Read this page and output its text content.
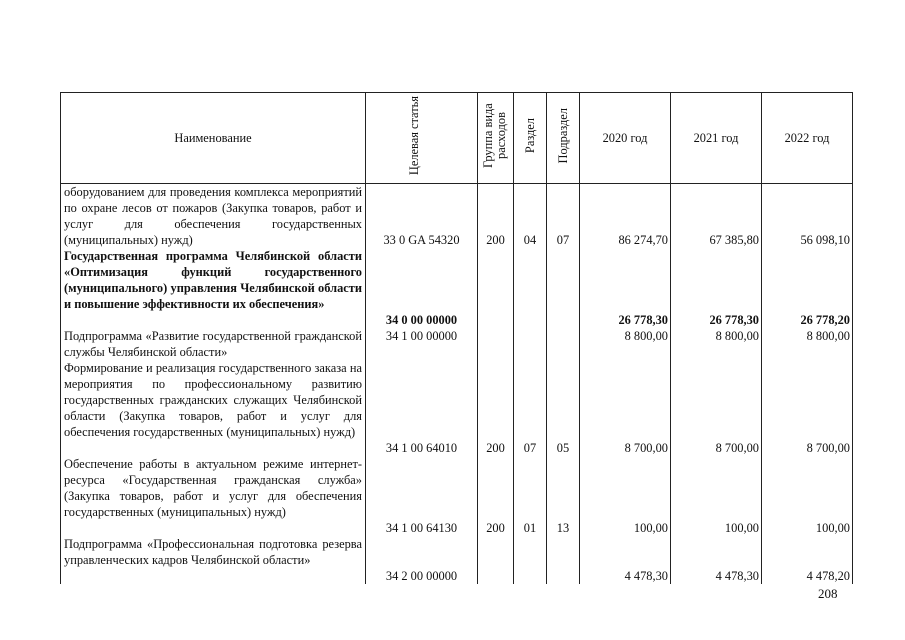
Наименование	Целевая статья	Группа вида расходов	Раздел	Подраздел	2020 год	2021 год	2022 год
оборудованием для проведения комплекса мероприятий по охране лесов от пожаров (Закупка товаров, работ и услуг для обеспечения государственных (муниципальных) нужд)	33 0 GA 54320	200	04	07	86 274,70	67 385,80	56 098,10
Государственная программа Челябинской области «Оптимизация функций государственного (муниципального) управления Челябинской области и повышение эффективности их обеспечения»	34 0 00 00000				26 778,30	26 778,30	26 778,20
Подпрограмма «Развитие государственной гражданской службы Челябинской области»	34 1 00 00000				8 800,00	8 800,00	8 800,00
Формирование и реализация государственного заказа на мероприятия по профессиональному развитию государственных гражданских служащих Челябинской области (Закупка товаров, работ и услуг для обеспечения государственных (муниципальных) нужд)	34 1 00 64010	200	07	05	8 700,00	8 700,00	8 700,00
Обеспечение работы в актуальном режиме интернет-ресурса «Государственная гражданская служба» (Закупка товаров, работ и услуг для обеспечения государственных (муниципальных) нужд)	34 1 00 64130	200	01	13	100,00	100,00	100,00
Подпрограмма «Профессиональная подготовка резерва управленческих кадров Челябинской области»	34 2 00 00000				4 478,30	4 478,30	4 478,20
208
